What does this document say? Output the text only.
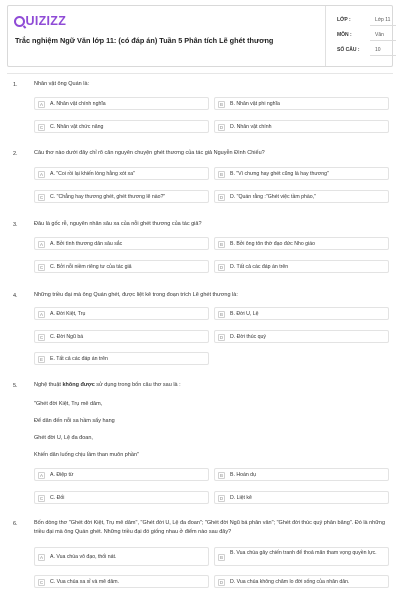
UIZIZZ
Trắc nghiệm Ngữ Văn lớp 11: (có đáp án) Tuần 5 Phân tích Lẽ ghét thương
LỚP :	Lớp 11
MÔN :	Văn
SỐ CÂU :	10
1.	Nhân vật ông Quán là:
A	A. Nhân vật chính nghĩa	B	B. Nhân vật phi nghĩa
C	C. Nhân vật chức năng	D	D. Nhân vật chính
2.	Câu thơ nào dưới đây chỉ rõ căn nguyên chuyện ghét thương của tác giả Nguyễn Đình Chiểu?
A	A. "Coi rồi lại khiến lòng hằng xót xa"	B	B. "Vì chưng hay ghét cũng là hay thương"
C	C. "Chẳng hay thương ghét, ghét thương lẽ nào?"	D	D. "Quán rằng :"Ghét việc tầm phào,"
3.	Đâu là gốc rễ, nguyên nhân sâu xa của nỗi ghét thương của tác giả?
A	A. Bởi tình thương dân sâu sắc	B	B. Bởi ông tôn thờ đạo đức Nho giáo
C	C. Bởi nỗi niềm riêng tư của tác giả	D	D. Tất cả các đáp án trên
4.	Những triều đại mà ông Quán ghét, được liệt kê trong đoạn trích Lẽ ghét thương là:
A	A. Đời Kiệt, Trụ	B	B. Đời U, Lệ
C	C. Đời Ngũ bá	D	D. Đời thúc quý
E	E. Tất cả các đáp án trên
5.	Nghệ thuật không được sử dụng trong bốn câu thơ sau là :
"Ghét đời Kiệt, Trụ mê dâm,
Để dân đến nỗi sa hầm sẩy hang
Ghét đời U, Lệ đa đoan,
Khiến dân luống chịu lầm than muôn phần"
A	A. Điệp từ	B	B. Hoán dụ
C	C. Đối	D	D. Liệt kê
6.	Bốn dòng thơ "Ghét đời Kiệt, Trụ mê dâm", "Ghét đời U, Lệ đa đoan"; "Ghét đời Ngũ bá phân vân"; "Ghét đời thúc quý phân băng". Đó là những triều đại mà ông Quán ghét. Những triều đại đó giống nhau ở điểm nào sau đây?
A	A. Vua chúa vô đạo, thối nát.	B
B. Vua chúa gây chiến tranh để thoả mãn tham vọng quyền lực.
C	C. Vua chúa xa xỉ và mê dâm.	D	D. Vua chúa không chăm lo đời sống của nhân dân.
